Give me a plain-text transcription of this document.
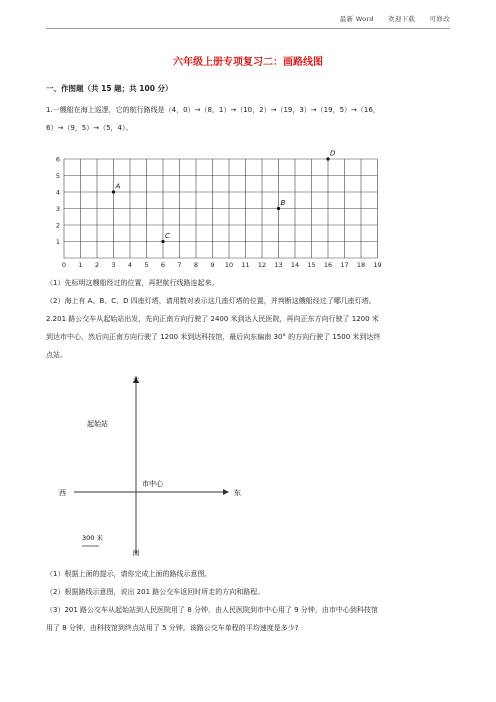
最新 Word 欢迎下载 可修改
六年级上册专项复习二：画路线图
一、作图题（共 15 题；共 100 分）
1.一艘船在海上巡逻，它的航行路线是（4，0）→（8，1）→（10，2）→（19，3）→（19，5）→（16，
6）→（9，5）→（5，4）。
0 1 2 3 4 5 6 7 8 9 10 11 12 13 14 15 16 17 18 19
1
2
3
4
5
6
A
B
C
D
（1）先标明这艘船经过的位置，再把航行线路连起来。
（2）海上有 A、B、C、D 四座灯塔，请用数对表示这几座灯塔的位置，并判断这艘船经过了哪几座灯塔。
2.201 路公交车从起始站出发，先向正南方向行驶了 2400 米到达人民医院，再向正东方向行驶了 1200 米
到达市中心，然后向正南方向行驶了 1200 米到达科技馆，最后向东偏南 30° 的方向行驶了 1500 米到达终
点站。
北
南
东
西
起始站
市中心
300 米
（1）根据上面的提示，请你完成上面的路线示意图。
（2）根据路线示意图，说出 201 路公交车返回时所走的方向和路程。
（3）201 路公交车从起始站到人民医院用了 8 分钟，由人民医院到市中心用了 9 分钟，由市中心到科技馆
用了 8 分钟，由科技馆到终点站用了 5 分钟。该路公交车单程的平均速度是多少?
